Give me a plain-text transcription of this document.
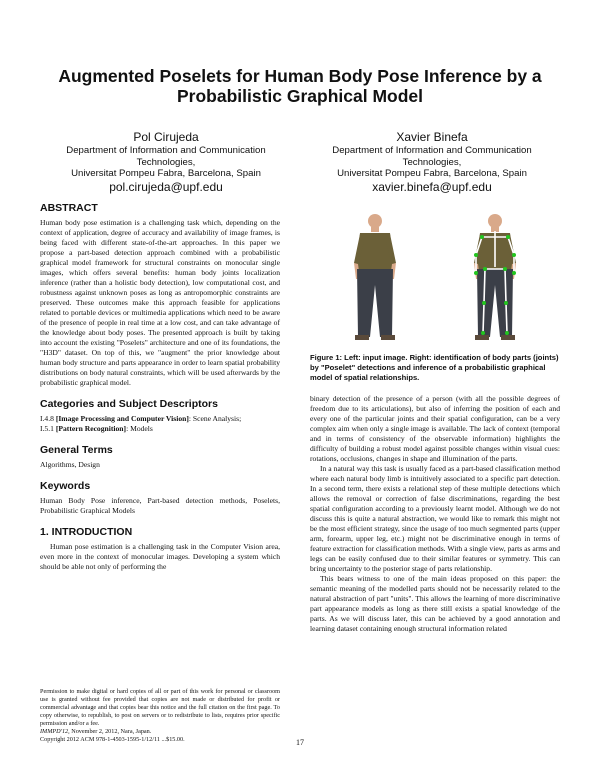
Augmented Poselets for Human Body Pose Inference by a Probabilistic Graphical Model
Pol Cirujeda
Department of Information and Communication Technologies,
Universitat Pompeu Fabra, Barcelona, Spain
pol.cirujeda@upf.edu
Xavier Binefa
Department of Information and Communication Technologies,
Universitat Pompeu Fabra, Barcelona, Spain
xavier.binefa@upf.edu
ABSTRACT

Human body pose estimation is a challenging task which, depending on the context of application, degree of accuracy and availability of image frames, is being faced with different state-of-the-art approaches. In this paper we propose a part-based detection approach combined with a probabilistic graphical model framework for structural constraints on monocular single images, which offers several benefits: human body joints localization inference (rather than a holistic body detection), low computational cost, and robustness against unknown poses as long as antropomorphic constraints are preserved. These outcomes make this approach feasible for applications related to portable devices or multimedia applications which need to be aware of the presence of people in real time at a low cost, and can take advantage of the knowledge about body poses. The presented approach is built by taking into account the existing "Poselets" architecture and one of its foundations, the "H3D" dataset. On top of this, we "augment" the prior knowledge about human body structure and parts appearance in order to learn spatial probability distributions on body natural constraints, which will be used afterwards by the probabilistic graphical model.

Categories and Subject Descriptors

I.4.8 [Image Processing and Computer Vision]: Scene Analysis;

I.5.1 [Pattern Recognition]: Models

General Terms

Algorithms, Design

Keywords

Human Body Pose inference, Part-based detection methods, Poselets, Probabilistic Graphical Models

1. INTRODUCTION

Human pose estimation is a challenging task in the Computer Vision area, even more in the context of monocular images. Developing a system which should be able not only of performing the

Figure 1: Left: input image. Right: identification of body parts (joints) by "Poselet" detections and inference of a probabilistic graphical model of spatial relationships.

binary detection of the presence of a person (with all the possible degrees of freedom due to its articulations), but also of inferring the position of each and every one of the particular joints and their spatial configuration, can be a very complex aim when only a single image is available. The lack of context (temporal and in terms of consistency of the observable information) highlights the difficulty of building a robust model against possible changes within visual cues: rotations, occlusions, changes in shape and illumination of the parts.

In a natural way this task is usually faced as a part-based classification method where each natural body limb is intuitively associated to a specific part detection. In a second term, there exists a relational step of these multiple detections which allows the removal or correction of false discriminations, regarding the best spatial configuration according to a previously learnt model. Although we do not discuss this is quite a natural abstraction, we would like to remark this might not be the most efficient strategy, since the usage of too much segmented parts (upper arm, forearm, upper leg, etc.) might not be discriminative enough in terms of feature extraction for classification methods. With a single view, parts as arms and legs can be easily confused due to their similar features or symmetry. This can bring uncertainty to the posterior stage of parts relationship.

This bears witness to one of the main ideas proposed on this paper: the semantic meaning of the modelled parts should not be necessarily related to the natural abstraction of part "units". This allows the learning of more discriminative part appearance models as long as there still exists a spatial knowledge of the parts. As we will discuss later, this can be achieved by a good annotation and learning dataset containing enough structural information related

Permission to make digital or hard copies of all or part of this work for personal or classroom use is granted without fee provided that copies are not made or distributed for profit or commercial advantage and that copies bear this notice and the full citation on the first page. To copy otherwise, to republish, to post on servers or to redistribute to lists, requires prior specific permission and/or a fee.

IMMPD'12, November 2, 2012, Nara, Japan.

Copyright 2012 ACM 978-1-4503-1595-1/12/11 ...$15.00.	17
